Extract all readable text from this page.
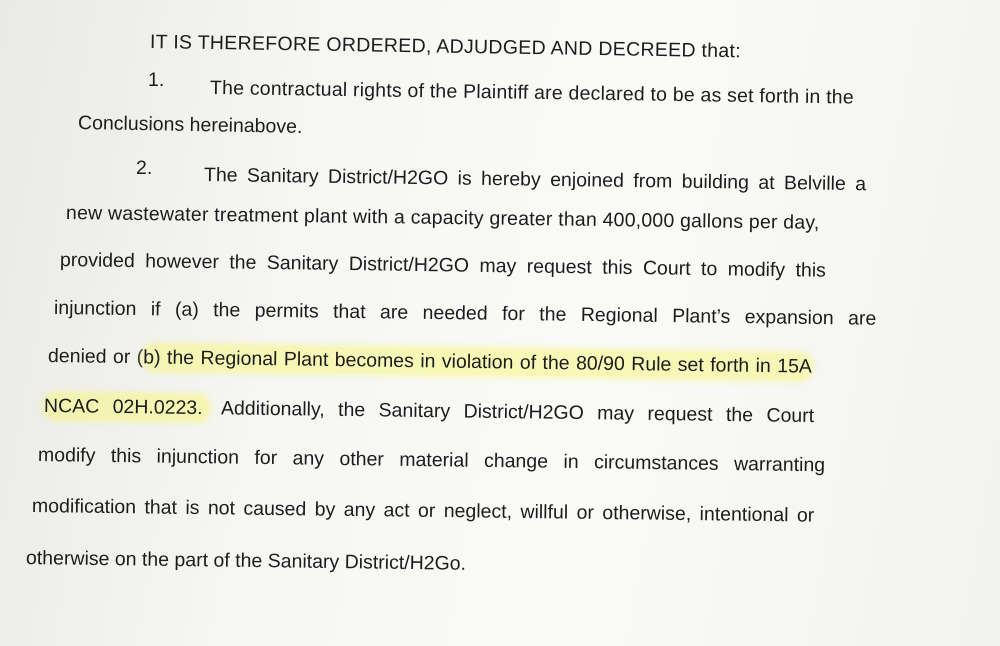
IT IS THEREFORE ORDERED, ADJUDGED AND DECREED that:
1. The contractual rights of the Plaintiff are declared to be as set forth in the
Conclusions hereinabove.
2.	The Sanitary District/H2GO is hereby enjoined from building at Belville a
new wastewater treatment plant with a capacity greater than 400,000 gallons per day,
provided however the Sanitary District/H2GO may request this Court to modify this
injunction if (a) the permits that are needed for the Regional Plant’s expansion are
denied or (b) the Regional Plant becomes in violation of the 80/90 Rule set forth in 15A
NCAC 02H.0223. Additionally, the Sanitary District/H2GO may request the Court
modify this injunction for any other material change in circumstances warranting
modification that is not caused by any act or neglect, willful or otherwise, intentional or
otherwise on the part of the Sanitary District/H2Go.
